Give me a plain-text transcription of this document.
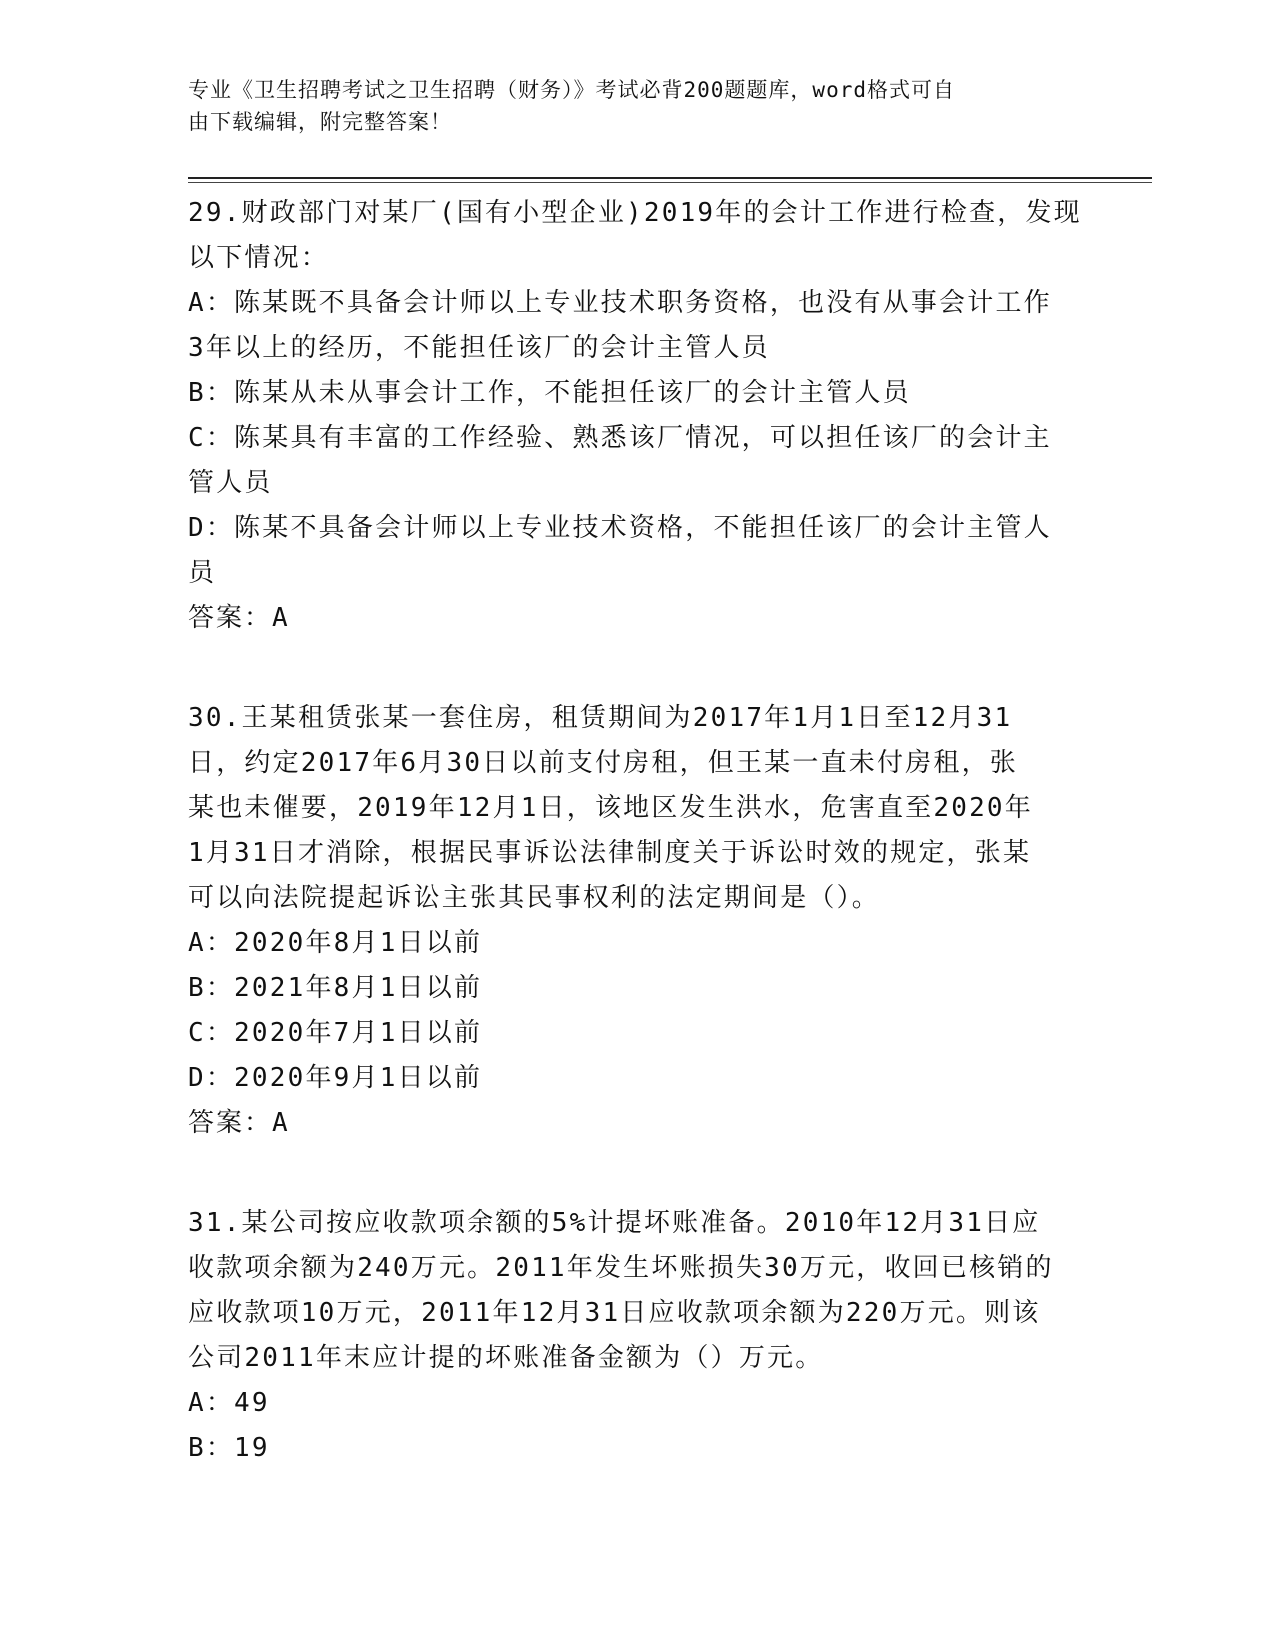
专业《卫生招聘考试之卫生招聘（财务）》考试必背200题题库，word格式可自
由下载编辑，附完整答案！
29.财政部门对某厂(国有小型企业)2019年的会计工作进行检查，发现
以下情况：
A：陈某既不具备会计师以上专业技术职务资格，也没有从事会计工作
3年以上的经历，不能担任该厂的会计主管人员
B：陈某从未从事会计工作，不能担任该厂的会计主管人员
C：陈某具有丰富的工作经验、熟悉该厂情况，可以担任该厂的会计主
管人员
D：陈某不具备会计师以上专业技术资格，不能担任该厂的会计主管人
员
答案：A
30.王某租赁张某一套住房，租赁期间为2017年1月1日至12月31
日，约定2017年6月30日以前支付房租，但王某一直未付房租，张
某也未催要，2019年12月1日，该地区发生洪水，危害直至2020年
1月31日才消除，根据民事诉讼法律制度关于诉讼时效的规定，张某
可以向法院提起诉讼主张其民事权利的法定期间是（）。
A：2020年8月1日以前
B：2021年8月1日以前
C：2020年7月1日以前
D：2020年9月1日以前
答案：A
31.某公司按应收款项余额的5%计提坏账准备。2010年12月31日应
收款项余额为240万元。2011年发生坏账损失30万元，收回已核销的
应收款项10万元，2011年12月31日应收款项余额为220万元。则该
公司2011年末应计提的坏账准备金额为（）万元。
A：49
B：19
